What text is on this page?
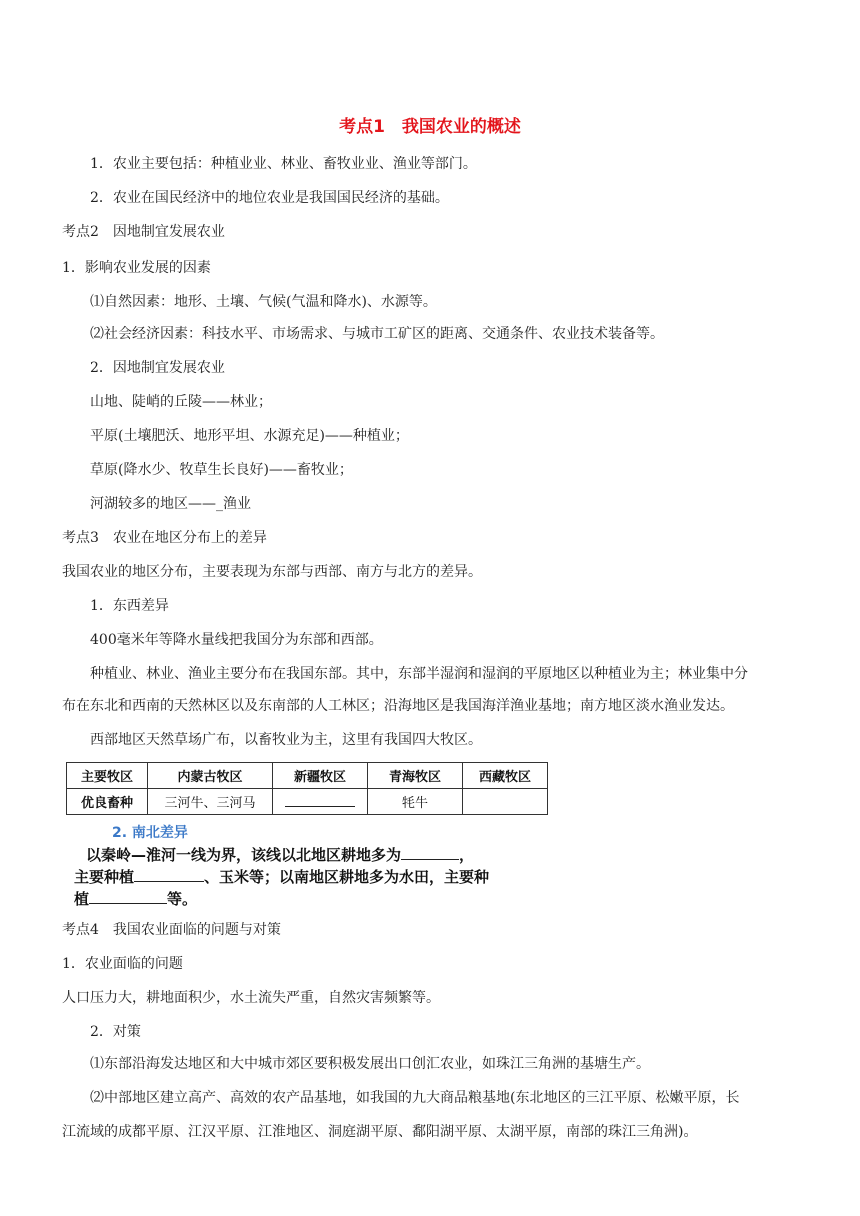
考点1　我国农业的概述
1．农业主要包括：种植业业、林业、畜牧业业、渔业等部门。
2．农业在国民经济中的地位农业是我国国民经济的基础。
考点2　因地制宜发展农业
1．影响农业发展的因素
⑴自然因素：地形、土壤、气候(气温和降水)、水源等。
⑵社会经济因素：科技水平、市场需求、与城市工矿区的距离、交通条件、农业技术装备等。
2．因地制宜发展农业
山地、陡峭的丘陵——林业；
平原(土壤肥沃、地形平坦、水源充足)——种植业；
草原(降水少、牧草生长良好)——畜牧业；
河湖较多的地区——_渔业
考点3　农业在地区分布上的差异
我国农业的地区分布，主要表现为东部与西部、南方与北方的差异。
1．东西差异
400毫米年等降水量线把我国分为东部和西部。
种植业、林业、渔业主要分布在我国东部。其中，东部半湿润和湿润的平原地区以种植业为主；林业集中分
布在东北和西南的天然林区以及东南部的人工林区；沿海地区是我国海洋渔业基地；南方地区淡水渔业发达。
西部地区天然草场广布，以畜牧业为主，这里有我国四大牧区。
主要牧区	内蒙古牧区	新疆牧区	青海牧区	西藏牧区
优良畜种	三河牛、三河马		牦牛	
2. 南北差异
以秦岭—淮河一线为界，该线以北地区耕地多为	，
主要种植	、玉米等；以南地区耕地多为水田，主要种
植	等。
考点4　我国农业面临的问题与对策
1．农业面临的问题
人口压力大，耕地面积少，水土流失严重，自然灾害频繁等。
2．对策
⑴东部沿海发达地区和大中城市郊区要积极发展出口创汇农业，如珠江三角洲的基塘生产。
⑵中部地区建立高产、高效的农产品基地，如我国的九大商品粮基地(东北地区的三江平原、松嫩平原，长
江流域的成都平原、江汉平原、江淮地区、洞庭湖平原、鄱阳湖平原、太湖平原，南部的珠江三角洲)。
